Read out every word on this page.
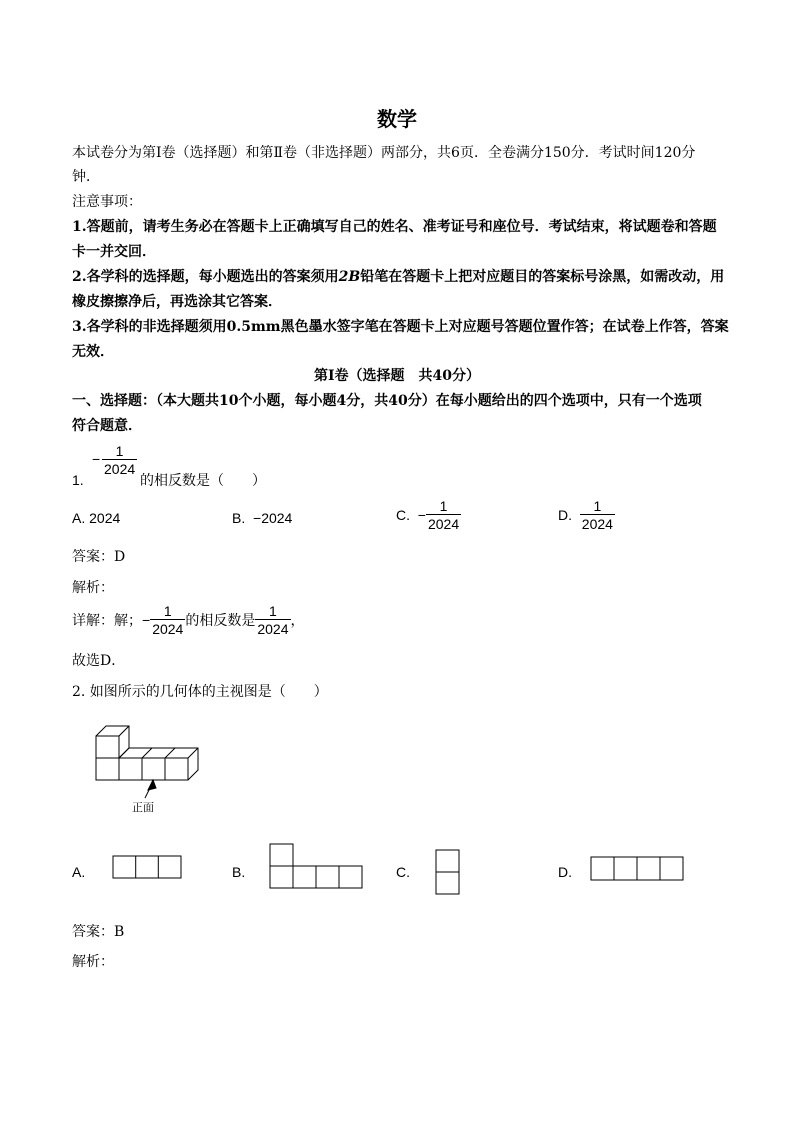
数学
本试卷分为第Ⅰ卷（选择题）和第Ⅱ卷（非选择题）两部分，共6页．全卷满分150分．考试时间120分
钟．
注意事项：
1.答题前，请考生务必在答题卡上正确填写自己的姓名、准考证号和座位号．考试结束，将试题卷和答题
卡一并交回．
2.各学科的选择题，每小题选出的答案须用2B铅笔在答题卡上把对应题目的答案标号涂黑，如需改动，用
橡皮擦擦净后，再选涂其它答案．
3.各学科的非选择题须用0.5mm黑色墨水签字笔在答题卡上对应题号答题位置作答；在试卷上作答，答案
无效．
第Ⅰ卷（选择题　共40分）
一、选择题：（本大题共10个小题，每小题4分，共40分）在每小题给出的四个选项中，只有一个选项
符合题意．
− $\frac{1}{2024}$
1.	的相反数是（　　）
A. 2024	B. −2024	C. − $\frac{1}{2024}$	D. $\frac{1}{2024}$
答案：D
解析：
详解：解；− $\frac{1}{2024}$ 的相反数是 $\frac{1}{2024}$ ，
故选D．
2. 如图所示的几何体的主视图是（　　）
正面
A.	B.	C.	D.
答案：B
解析：
